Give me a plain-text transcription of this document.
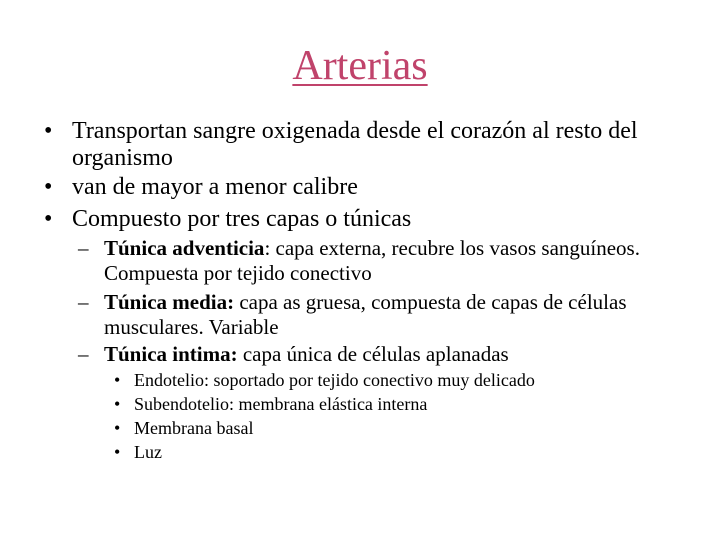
Arterias
• Transportan sangre oxigenada desde el corazón al resto del organismo
• van de mayor a menor calibre
• Compuesto por tres capas o túnicas
– Túnica adventicia: capa externa, recubre los vasos sanguíneos. Compuesta por tejido conectivo
– Túnica media: capa as gruesa, compuesta de capas de células musculares. Variable
– Túnica intima: capa única de células aplanadas
• Endotelio: soportado por tejido conectivo muy delicado
• Subendotelio: membrana elástica interna
• Membrana basal
• Luz
